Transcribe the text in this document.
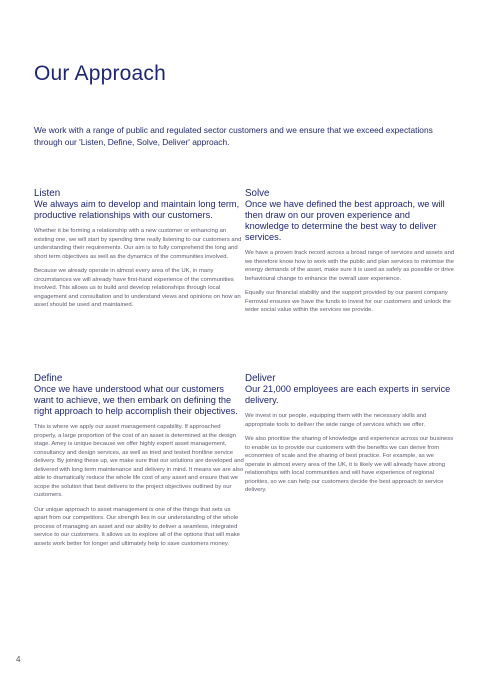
Our Approach

We work with a range of public and regulated sector customers and we ensure that we exceed expectations through our 'Listen, Define, Solve, Deliver' approach.

Listen

We always aim to develop and maintain long term, productive relationships with our customers.

Whether it be forming a relationship with a new customer or enhancing an existing one, we will start by spending time really listening to our customers and understanding their requirements. Our aim is to fully comprehend the long and short term objectives as well as the dynamics of the communities involved.

Because we already operate in almost every area of the UK, in many circumstances we will already have first-hand experience of the communities involved. This allows us to build and develop relationships through local engagement and consultation and to understand views and opinions on how an asset should be used and maintained.

Solve

Once we have defined the best approach, we will then draw on our proven experience and knowledge to determine the best way to deliver services.

We have a proven track record across a broad range of services and assets and we therefore know how to work with the public and plan services to minimise the energy demands of the asset, make sure it is used as safely as possible or drive behavioural change to enhance the overall user experience.

Equally our financial stability and the support provided by our parent company Ferrovial ensures we have the funds to invest for our customers and unlock the wider social value within the services we provide.

Define

Once we have understood what our customers want to achieve, we then embark on defining the right approach to help accomplish their objectives.

This is where we apply our asset management capability. If approached properly, a large proportion of the cost of an asset is determined at the design stage. Amey is unique because we offer highly expert asset management, consultancy and design services, as well as tried and tested frontline service delivery. By joining these up, we make sure that our solutions are developed and delivered with long term maintenance and delivery in mind. It means we are also able to dramatically reduce the whole life cost of any asset and ensure that we scope the solution that best delivers to the project objectives outlined by our customers.

Our unique approach to asset management is one of the things that sets us apart from our competitors. Our strength lies in our understanding of the whole process of managing an asset and our ability to deliver a seamless, integrated service to our customers. It allows us to explore all of the options that will make assets work better for longer and ultimately help to save customers money.

Deliver

Our 21,000 employees are each experts in service delivery.

We invest in our people, equipping them with the necessary skills and appropriate tools to deliver the wide range of services which we offer.

We also prioritise the sharing of knowledge and experience across our business to enable us to provide our customers with the benefits we can derive from economies of scale and the sharing of best practice. For example, as we operate in almost every area of the UK, it is likely we will already have strong relationships with local communities and will have experience of regional priorities, so we can help our customers decide the best approach to service delivery.

4
